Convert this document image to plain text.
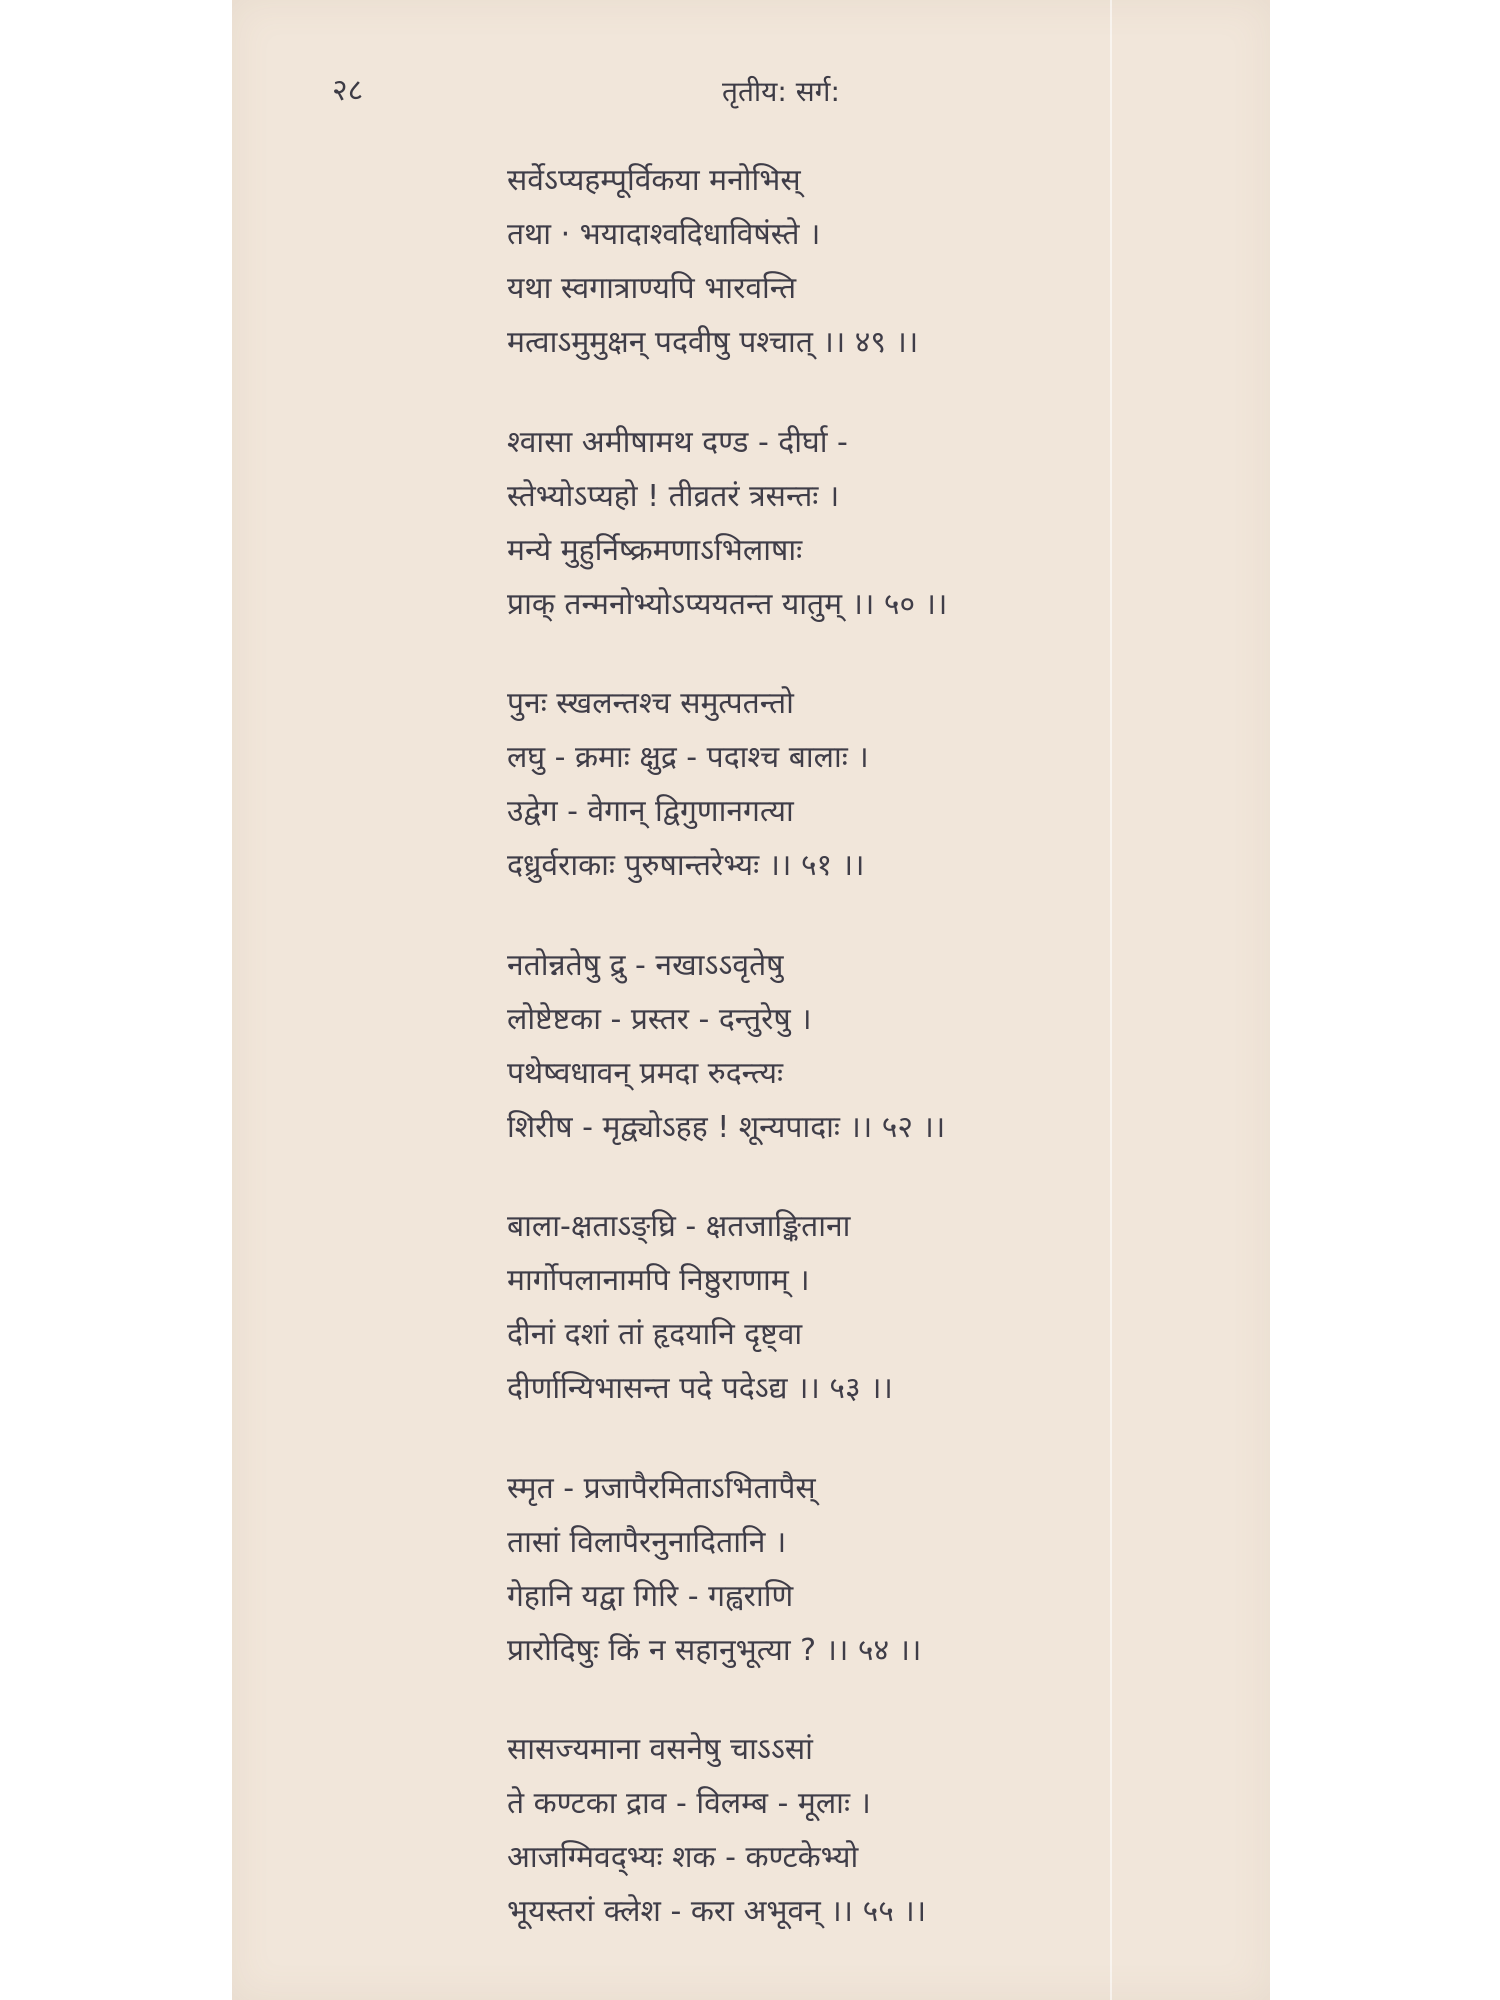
२८	तृतीय: सर्ग:
सर्वेऽप्यहम्पूर्विकया मनोभिस्
तथा · भयादाश्वदिधाविषंस्ते ।
यथा स्वगात्राण्यपि भारवन्ति
मत्वाऽमुमुक्षन् पदवीषु पश्चात् ।। ४९ ।।
श्वासा अमीषामथ दण्ड - दीर्घा -
स्तेभ्योऽप्यहो ! तीव्रतरं त्रसन्तः ।
मन्ये मुहुर्निष्क्रमणाऽभिलाषाः
प्राक् तन्मनोभ्योऽप्ययतन्त यातुम् ।। ५० ।।
पुनः स्खलन्तश्च समुत्पतन्तो
लघु - क्रमाः क्षुद्र - पदाश्च बालाः ।
उद्वेग - वेगान् द्विगुणानगत्या
दध्रुर्वराकाः पुरुषान्तरेभ्यः ।। ५१ ।।
नतोन्नतेषु द्रु - नखाऽऽवृतेषु
लोष्टेष्टका - प्रस्तर - दन्तुरेषु ।
पथेष्वधावन् प्रमदा रुदन्त्यः
शिरीष - मृद्व्योऽहह ! शून्यपादाः ।। ५२ ।।
बाला-क्षताऽङ्घ्रि - क्षतजाङ्किताना
मार्गोपलानामपि निष्ठुराणाम् ।
दीनां दशां तां हृदयानि दृष्ट्वा
दीर्णान्यिभासन्त पदे पदेऽद्य ।। ५३ ।।
स्मृत - प्रजापैरमिताऽभितापैस्
तासां विलापैरनुनादितानि ।
गेहानि यद्वा गिरि - गह्वराणि
प्रारोदिषुः किं न सहानुभूत्या ? ।। ५४ ।।
सासज्यमाना वसनेषु चाऽऽसां
ते कण्टका द्राव - विलम्ब - मूलाः ।
आजग्मिवद्भ्यः शक - कण्टकेभ्यो
भूयस्तरां क्लेश - करा अभूवन् ।। ५५ ।।
